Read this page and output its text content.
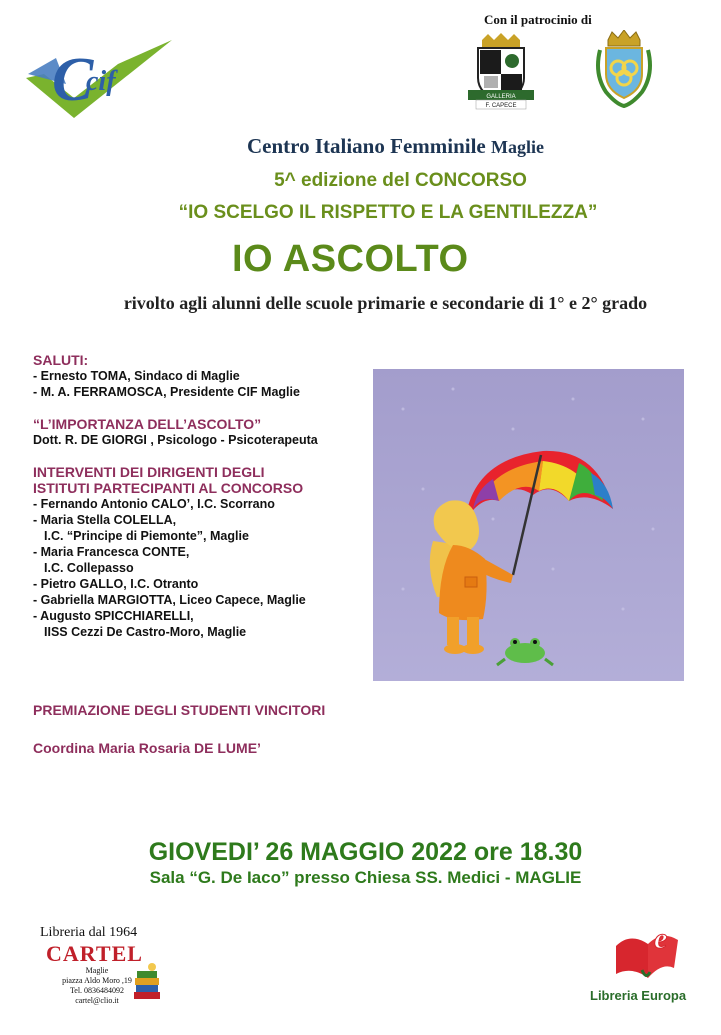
C
cif
Con il patrocinio di
GALLERIA
F. CAPECE
Centro Italiano Femminile Maglie
5^ edizione del CONCORSO
“IO SCELGO IL RISPETTO E LA GENTILEZZA”
IO ASCOLTO
rivolto agli alunni delle scuole primarie e secondarie di 1° e 2° grado
SALUTI:
- Ernesto TOMA, Sindaco di Maglie
- M. A. FERRAMOSCA, Presidente CIF Maglie
“L’IMPORTANZA DELL’ASCOLTO”
Dott. R. DE GIORGI , Psicologo - Psicoterapeuta
INTERVENTI DEI DIRIGENTI DEGLI
ISTITUTI PARTECIPANTI AL CONCORSO
- Fernando Antonio CALO’, I.C. Scorrano
- Maria Stella COLELLA,
I.C. “Principe di Piemonte”, Maglie
- Maria Francesca CONTE,
I.C. Collepasso
- Pietro GALLO, I.C. Otranto
- Gabriella MARGIOTTA, Liceo Capece, Maglie
- Augusto SPICCHIARELLI,
IISS Cezzi De Castro-Moro, Maglie
PREMIAZIONE DEGLI STUDENTI VINCITORI
Coordina Maria Rosaria DE LUME’
GIOVEDI’ 26 MAGGIO 2022 ore 18.30
Sala “G. De Iaco” presso Chiesa SS. Medici - MAGLIE
Libreria dal 1964
CARTEL
Maglie
piazza Aldo Moro ,19
Tel. 0836484092
cartel@clio.it
e
Libreria Europa
